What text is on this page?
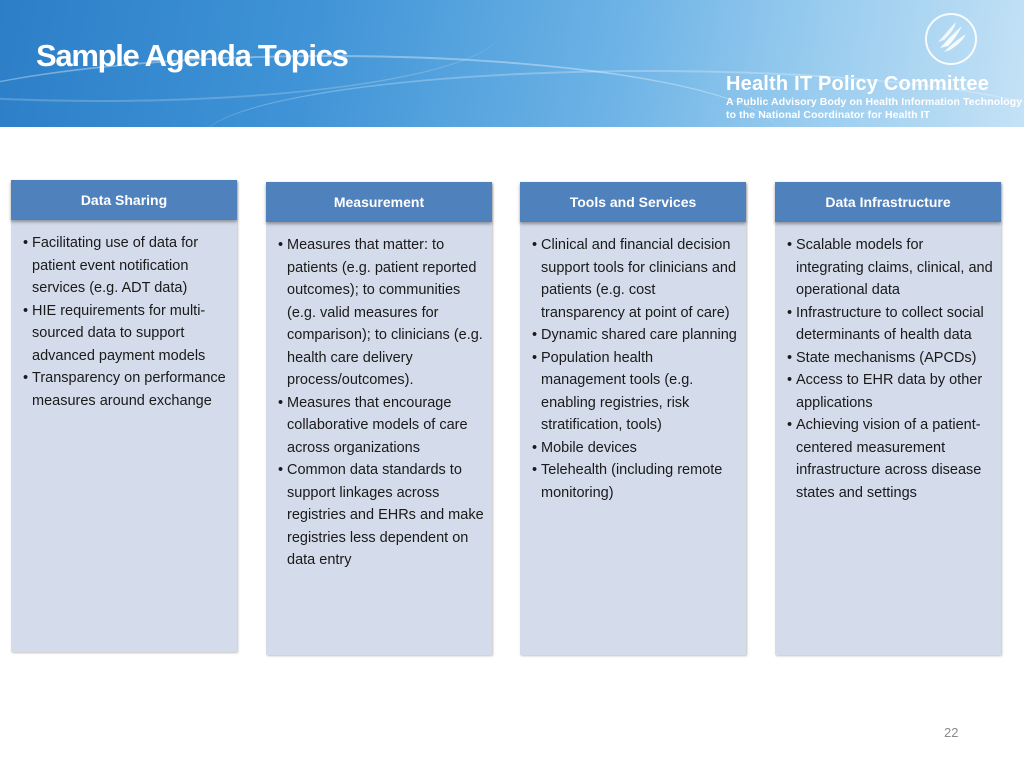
Sample Agenda Topics
Health IT Policy Committee
A Public Advisory Body on Health Information Technology
to the National Coordinator for Health IT
Data Sharing
• Facilitating use of data for patient event notification services (e.g. ADT data)
• HIE requirements for multi-sourced data to support advanced payment models
• Transparency on performance measures around exchange
Measurement
• Measures that matter: to patients (e.g. patient reported outcomes); to communities (e.g. valid measures for comparison); to clinicians (e.g. health care delivery process/outcomes).
• Measures that encourage collaborative models of care across organizations
• Common data standards to support linkages across registries and EHRs and make registries less dependent on data entry
Tools and Services
• Clinical and financial decision support tools for clinicians and patients (e.g. cost transparency at point of care)
• Dynamic shared care planning
• Population health management tools (e.g. enabling registries, risk stratification, tools)
• Mobile devices
• Telehealth (including remote monitoring)
Data Infrastructure
• Scalable models for integrating claims, clinical, and operational data
• Infrastructure to collect social determinants of health data
• State mechanisms (APCDs)
• Access to EHR data by other applications
• Achieving vision of a patient-centered measurement infrastructure across disease states and settings
22
